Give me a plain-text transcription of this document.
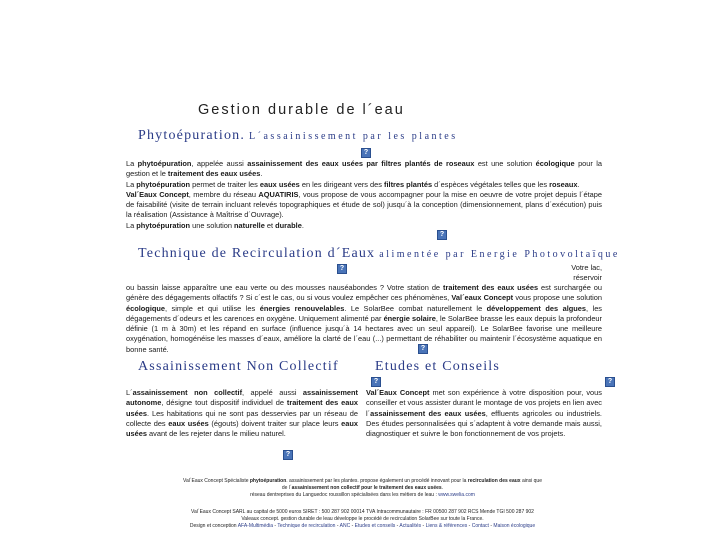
Gestion durable de l´eau
Phytoépuration. L´assainissement par les plantes
?
La phytoépuration, appelée aussi assainissement des eaux usées par filtres plantés de roseaux est une solution écologique pour la gestion et le traitement des eaux usées.
La phytoépuration permet de traiter les eaux usées en les dirigeant vers des filtres plantés d´espèces végétales telles que les roseaux.
Val´Eaux Concept, membre du réseau AQUATIRIS, vous propose de vous accompagner pour la mise en oeuvre de votre projet depuis l´étape de faisabilité (visite de terrain incluant relevés topographiques et étude de sol) jusqu´à la conception (dimensionnement, plans d´exécution) puis la réalisation (Assistance à Maîtrise d´Ouvrage).
La phytoépuration une solution naturelle et durable.
?
Technique de Recirculation d´Eaux alimentée par Energie Photovoltaïque
?	Votre lac, réservoir
ou bassin laisse apparaître une eau verte ou des mousses nauséabondes ? Votre station de traitement des eaux usées est surchargée ou génère des dégagements olfactifs ? Si c´est le cas, ou si vous voulez empêcher ces phénomènes, Val´eaux Concept vous propose une solution écologique, simple et qui utilise les énergies renouvelables. Le SolarBee combat naturellement le développement des algues, les dégagements d´odeurs et les carences en oxygène. Uniquement alimenté par énergie solaire, le SolarBee brasse les eaux depuis la profondeur définie (1 m à 30m) et les répand en surface (influence jusqu´à 14 hectares avec un seul appareil). Le SolarBee favorise une meilleure oxygénation, homogénéise les masses d´eaux, améliore la clarté de l´eau (...) permettant de réhabiliter ou maintenir l´écosystème aquatique en bonne santé.	?
Assainissement Non Collectif
L´assainissement non collectif, appelé aussi assainissement autonome, désigne tout dispositif individuel de traitement des eaux usées. Les habitations qui ne sont pas desservies par un réseau de collecte des eaux usées (égouts) doivent traiter sur place leurs eaux usées avant de les rejeter dans le milieu naturel.
Etudes et Conseils
?	?
Val´Eaux Concept met son expérience à votre disposition pour, vous conseiller et vous assister durant le montage de vos projets en lien avec l´assainissement des eaux usées, effluents agricoles ou industriels. Des études personnalisées qui s´adaptent à votre demande mais aussi, diagnostiquer et suivre le bon fonctionnement de vos projets.
?
Val´Eaux Concept Spécialiste phytoépuration. assainissement par les plantes. propose également un procédé innovant pour la recirculation des eaux ainsi que
de l´assainissement non collectif pour le traitement des eaux usées.
réseau dentreprises du Languedoc roussillon spécialisées dans les métiers de leau : www.swelia.com
Val´Eaux Concept SARL au capital de 5000 euros SIRET : 500 287 902 00014 TVA Intracommunautaire : FR 00500 287 902 RCS Mende TGI 500 287 902
Valeaux concept. gestion durable de leau développe le procédé de recirculation SolarBee sur toute la France.
Design et conception AFA-Multimédia - Technique de recirculation - ANC - Etudes et conseils - Actualités - Liens & références - Contact - Maison écologique
